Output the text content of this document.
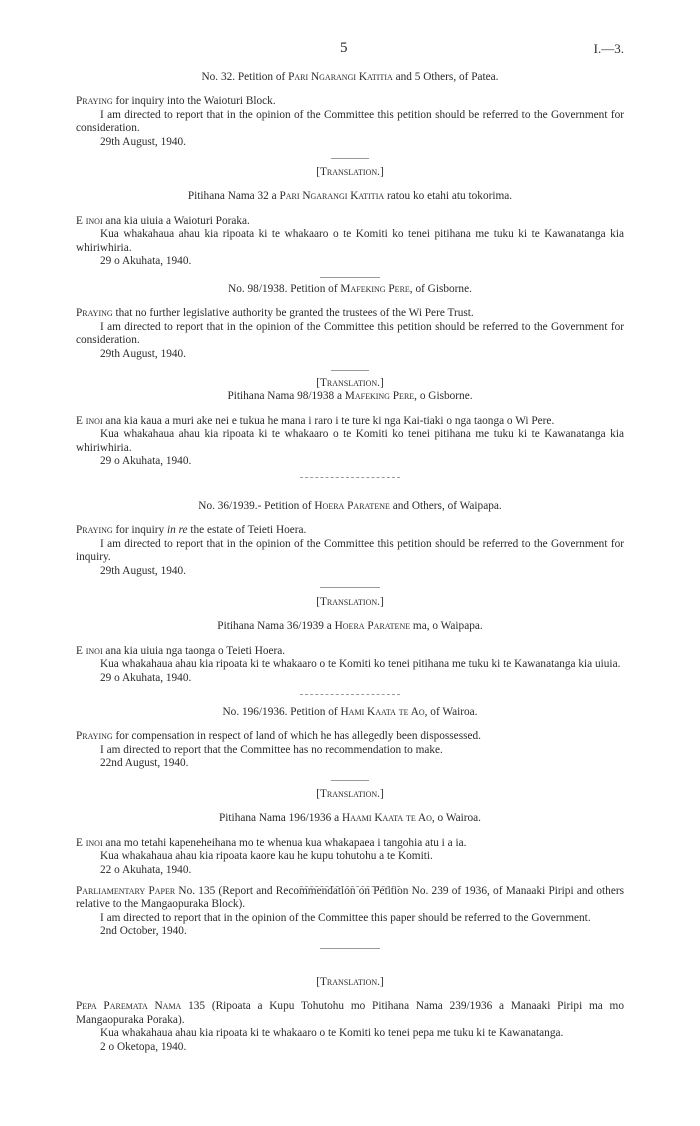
5	I.—3.
No. 32. Petition of Pari Ngarangi Katitia and 5 Others, of Patea.

Praying for inquiry into the Waioturi Block.

I am directed to report that in the opinion of the Committee this petition should be referred to the Government for consideration.

29th August, 1940.

[Translation.]
Pitihana Nama 32 a Pari Ngarangi Katitia ratou ko etahi atu tokorima.

E inoi ana kia uiuia a Waioturi Poraka.

Kua whakahaua ahau kia ripoata ki te whakaaro o te Komiti ko tenei pitihana me tuku ki te Kawanatanga kia whiriwhiria.

29 o Akuhata, 1940.

No. 98/1938. Petition of Mafeking Pere, of Gisborne.

Praying that no further legislative authority be granted the trustees of the Wi Pere Trust.

I am directed to report that in the opinion of the Committee this petition should be referred to the Government for consideration.

29th August, 1940.

[Translation.]
Pitihana Nama 98/1938 a Mafeking Pere, o Gisborne.

E inoi ana kia kaua a muri ake nei e tukua he mana i raro i te ture ki nga Kai-tiaki o nga taonga o Wi Pere.

Kua whakahaua ahau kia ripoata ki te whakaaro o te Komiti ko tenei pitihana me tuku ki te Kawanatanga kia whiriwhiria.

29 o Akuhata, 1940.

No. 36/1939.- Petition of Hoera Paratene and Others, of Waipapa.

Praying for inquiry in re the estate of Teieti Hoera.

I am directed to report that in the opinion of the Committee this petition should be referred to the Government for inquiry.

29th August, 1940.

[Translation.]
Pitihana Nama 36/1939 a Hoera Paratene ma, o Waipapa.

E inoi ana kia uiuia nga taonga o Teieti Hoera.

Kua whakahaua ahau kia ripoata ki te whakaaro o te Komiti ko tenei pitihana me tuku ki te Kawanatanga kia uiuia.

29 o Akuhata, 1940.

No. 196/1936. Petition of Hami Kaata te Ao, of Wairoa.

Praying for compensation in respect of land of which he has allegedly been dispossessed.

I am directed to report that the Committee has no recommendation to make.

22nd August, 1940.

[Translation.]
Pitihana Nama 196/1936 a Haami Kaata te Ao, o Wairoa.

E inoi ana mo tetahi kapeneheihana mo te whenua kua whakapaea i tangohia atu i a ia.

Kua whakahaua ahau kia ripoata kaore kau he kupu tohutohu a te Komiti.

22 o Akuhata, 1940.

Parliamentary Paper No. 135 (Report and Recommendation on Petition No. 239 of 1936, of Manaaki Piripi and others relative to the Mangaopuraka Block).

I am directed to report that in the opinion of the Committee this paper should be referred to the Government.

2nd October, 1940.

[Translation.]

Pepa Paremata Nama 135 (Ripoata a Kupu Tohutohu mo Pitihana Nama 239/1936 a Manaaki Piripi ma mo Mangaopuraka Poraka).

Kua whakahaua ahau kia ripoata ki te whakaaro o te Komiti ko tenei pepa me tuku ki te Kawanatanga.

2 o Oketopa, 1940.
